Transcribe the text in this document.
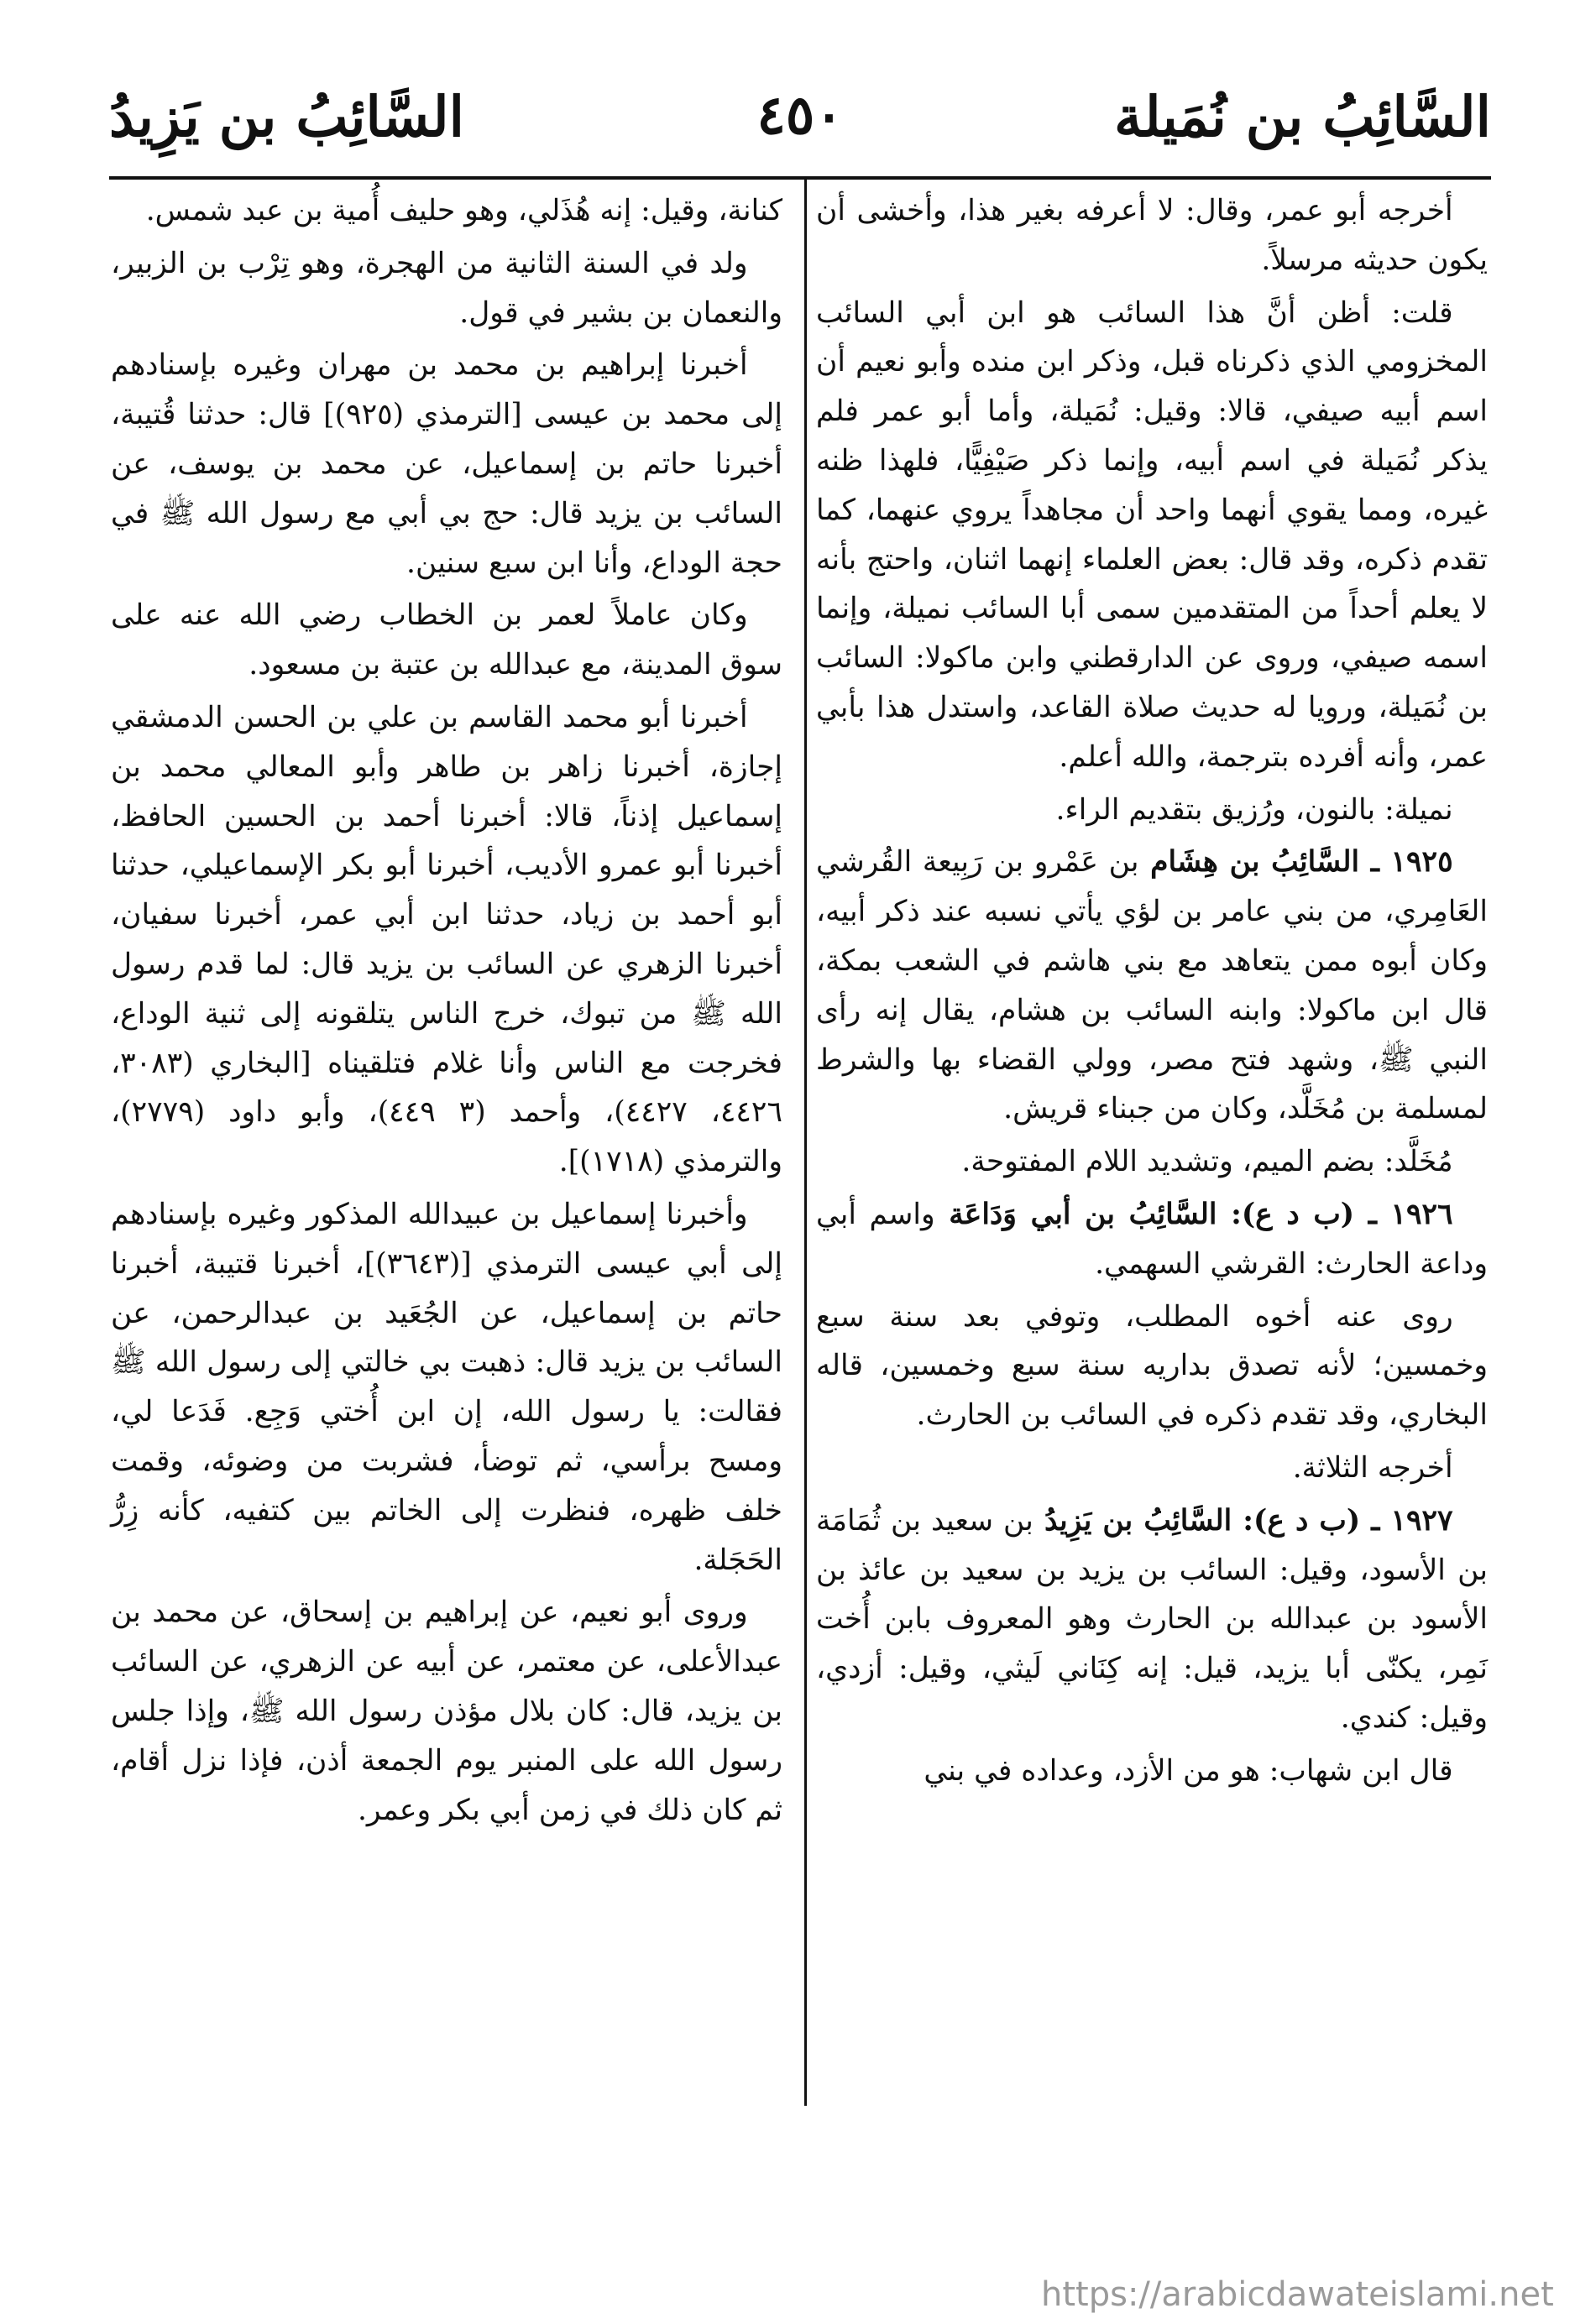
السَّائِبُ بن نُمَيلة
٤٥٠
السَّائِبُ بن يَزِيدُ

أخرجه أبو عمر، وقال: لا أعرفه بغير هذا، وأخشى أن يكون حديثه مرسلاً.

قلت: أظن أنَّ هذا السائب هو ابن أبي السائب المخزومي الذي ذكرناه قبل، وذكر ابن منده وأبو نعيم أن اسم أبيه صيفي، قالا: وقيل: نُمَيلة، وأما أبو عمر فلم يذكر نُمَيلة في اسم أبيه، وإنما ذكر صَيْفِيًّا، فلهذا ظنه غيره، ومما يقوي أنهما واحد أن مجاهداً يروي عنهما، كما تقدم ذكره، وقد قال: بعض العلماء إنهما اثنان، واحتج بأنه لا يعلم أحداً من المتقدمين سمى أبا السائب نميلة، وإنما اسمه صيفي، وروى عن الدارقطني وابن ماكولا: السائب بن نُمَيلة، ورويا له حديث صلاة القاعد، واستدل هذا بأبي عمر، وأنه أفرده بترجمة، والله أعلم.

نميلة: بالنون، ورُزيق بتقديم الراء.

١٩٢٥ ـ السَّائِبُ بن هِشَام بن عَمْرو بن رَبِيعة القُرشي العَامِري، من بني عامر بن لؤي يأتي نسبه عند ذكر أبيه، وكان أبوه ممن يتعاهد مع بني هاشم في الشعب بمكة، قال ابن ماكولا: وابنه السائب بن هشام، يقال إنه رأى النبي ﷺ، وشهد فتح مصر، وولي القضاء بها والشرط لمسلمة بن مُخَلَّد، وكان من جبناء قريش.

مُخَلَّد: بضم الميم، وتشديد اللام المفتوحة.

١٩٢٦ ـ (ب د ع): السَّائِبُ بن أبي وَدَاعَة واسم أبي وداعة الحارث: القرشي السهمي.

روى عنه أخوه المطلب، وتوفي بعد سنة سبع وخمسين؛ لأنه تصدق بداريه سنة سبع وخمسين، قاله البخاري، وقد تقدم ذكره في السائب بن الحارث.

أخرجه الثلاثة.

١٩٢٧ ـ (ب د ع): السَّائِبُ بن يَزِيدُ بن سعيد بن ثُمَامَة بن الأسود، وقيل: السائب بن يزيد بن سعيد بن عائذ بن الأسود بن عبدالله بن الحارث وهو المعروف بابن أُخت نَمِر، يكنّى أبا يزيد، قيل: إنه كِنَاني لَيثي، وقيل: أزدي، وقيل: كندي.

قال ابن شهاب: هو من الأزد، وعداده في بني

كنانة، وقيل: إنه هُذَلي، وهو حليف أُمية بن عبد شمس.

ولد في السنة الثانية من الهجرة، وهو تِرْب بن الزبير، والنعمان بن بشير في قول.

أخبرنا إبراهيم بن محمد بن مهران وغيره بإسنادهم إلى محمد بن عيسى [الترمذي (٩٢٥)] قال: حدثنا قُتيبة، أخبرنا حاتم بن إسماعيل، عن محمد بن يوسف، عن السائب بن يزيد قال: حج بي أبي مع رسول الله ﷺ في حجة الوداع، وأنا ابن سبع سنين.

وكان عاملاً لعمر بن الخطاب رضي الله عنه على سوق المدينة، مع عبدالله بن عتبة بن مسعود.

أخبرنا أبو محمد القاسم بن علي بن الحسن الدمشقي إجازة، أخبرنا زاهر بن طاهر وأبو المعالي محمد بن إسماعيل إذناً، قالا: أخبرنا أحمد بن الحسين الحافظ، أخبرنا أبو عمرو الأديب، أخبرنا أبو بكر الإسماعيلي، حدثنا أبو أحمد بن زياد، حدثنا ابن أبي عمر، أخبرنا سفيان، أخبرنا الزهري عن السائب بن يزيد قال: لما قدم رسول الله ﷺ من تبوك، خرج الناس يتلقونه إلى ثنية الوداع، فخرجت مع الناس وأنا غلام فتلقيناه [البخاري (٣٠٨٣، ٤٤٢٦، ٤٤٢٧)، وأحمد (٣ ٤٤٩)، وأبو داود (٢٧٧٩)، والترمذي (١٧١٨)].

وأخبرنا إسماعيل بن عبيدالله المذكور وغيره بإسنادهم إلى أبي عيسى الترمذي [(٣٦٤٣)]، أخبرنا قتيبة، أخبرنا حاتم بن إسماعيل، عن الجُعَيد بن عبدالرحمن، عن السائب بن يزيد قال: ذهبت بي خالتي إلى رسول الله ﷺ فقالت: يا رسول الله، إن ابن أُختي وَجِع. فَدَعا لي، ومسح برأسي، ثم توضأ، فشربت من وضوئه، وقمت خلف ظهره، فنظرت إلى الخاتم بين كتفيه، كأنه زِرُّ الحَجَلة.

وروى أبو نعيم، عن إبراهيم بن إسحاق، عن محمد بن عبدالأعلى، عن معتمر، عن أبيه عن الزهري، عن السائب بن يزيد، قال: كان بلال مؤذن رسول الله ﷺ، وإذا جلس رسول الله على المنبر يوم الجمعة أذن، فإذا نزل أقام، ثم كان ذلك في زمن أبي بكر وعمر.

https://arabicdawateislami.net
